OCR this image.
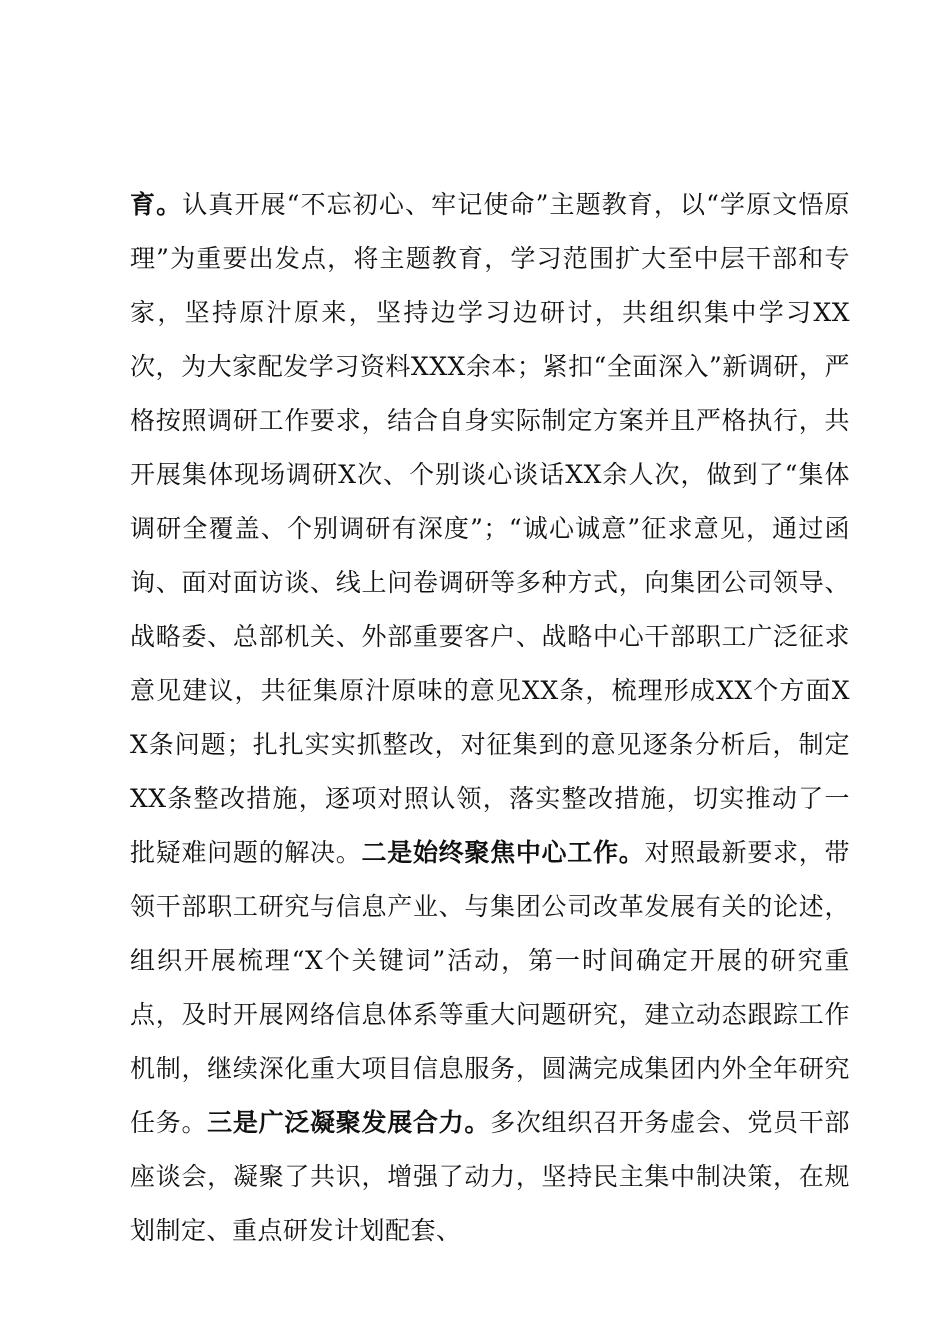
育。认真开展“不忘初心、牢记使命”主题教育，以“学原文悟原理”为重要出发点，将主题教育，学习范围扩大至中层干部和专家，坚持原汁原来，坚持边学习边研讨，共组织集中学习XX次，为大家配发学习资料XXX余本；紧扣“全面深入”新调研，严格按照调研工作要求，结合自身实际制定方案并且严格执行，共开展集体现场调研X次、个别谈心谈话XX余人次，做到了“集体调研全覆盖、个别调研有深度”；“诚心诚意”征求意见，通过函询、面对面访谈、线上问卷调研等多种方式，向集团公司领导、战略委、总部机关、外部重要客户、战略中心干部职工广泛征求意见建议，共征集原汁原味的意见XX条，梳理形成XX个方面XX条问题；扎扎实实抓整改，对征集到的意见逐条分析后，制定XX条整改措施，逐项对照认领，落实整改措施，切实推动了一批疑难问题的解决。二是始终聚焦中心工作。对照最新要求，带领干部职工研究与信息产业、与集团公司改革发展有关的论述，组织开展梳理“X个关键词”活动，第一时间确定开展的研究重点，及时开展网络信息体系等重大问题研究，建立动态跟踪工作机制，继续深化重大项目信息服务，圆满完成集团内外全年研究任务。三是广泛凝聚发展合力。多次组织召开务虚会、党员干部座谈会，凝聚了共识，增强了动力，坚持民主集中制决策，在规划制定、重点研发计划配套、
